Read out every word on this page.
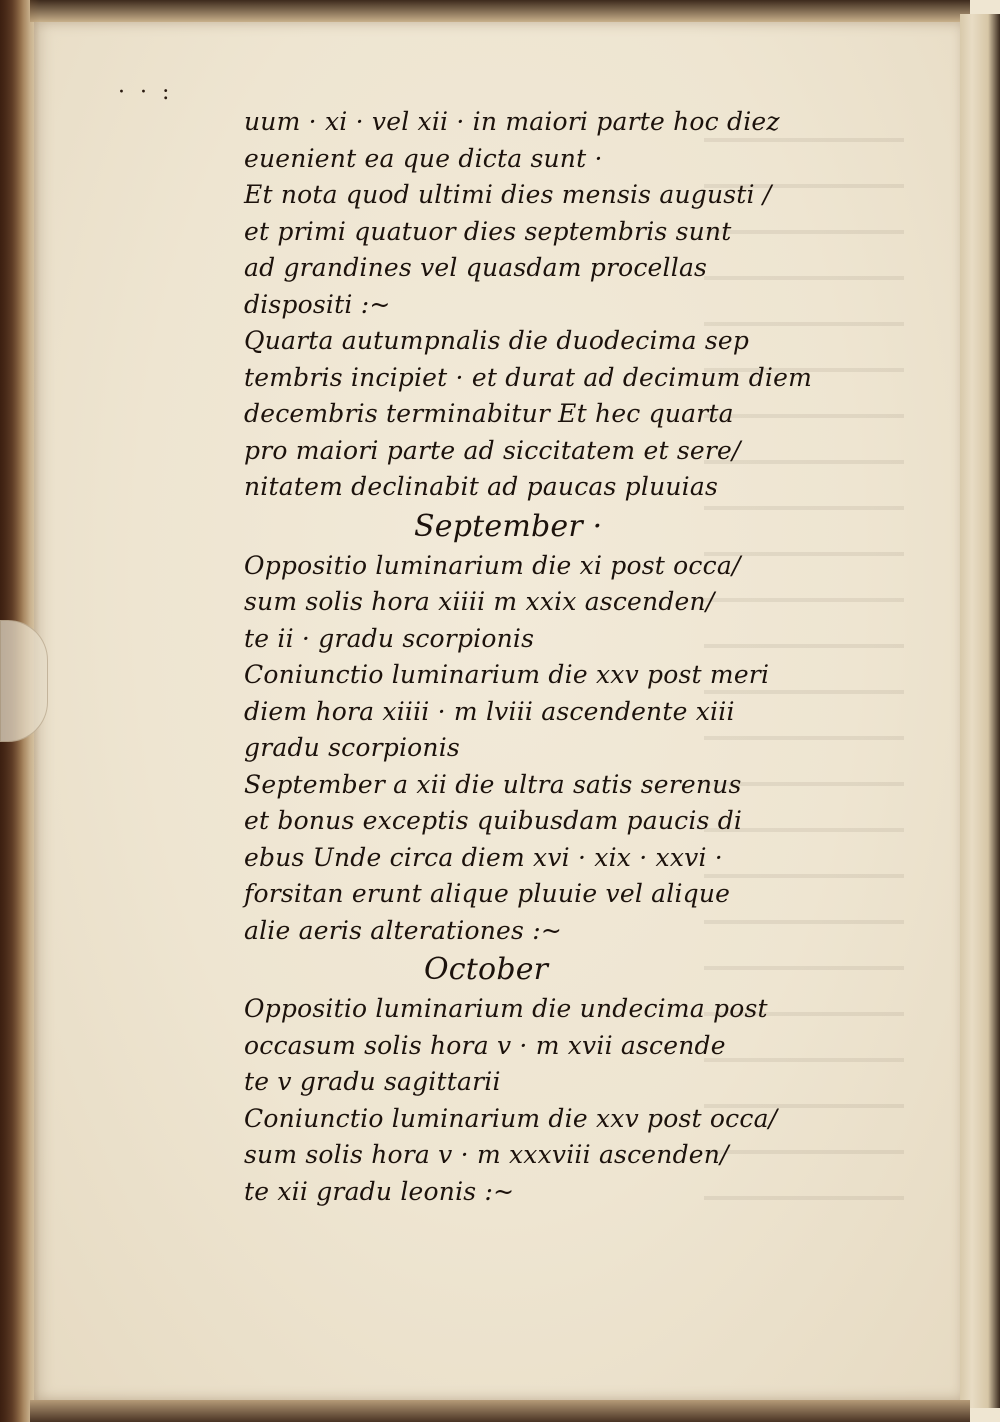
· · :
uum · xi · vel xii · in maiori parte hoc diez
euenient ea que dicta sunt ·
Et nota quod ultimi dies mensis augusti /
et primi quatuor dies septembris sunt
ad grandines vel quasdam procellas
dispositi :~
Quarta autumpnalis die duodecima sep
tembris incipiet · et durat ad decimum diem
decembris terminabitur Et hec quarta
pro maiori parte ad siccitatem et sere/
nitatem declinabit ad paucas pluuias
September ·
Oppositio luminarium die xi post occa/
sum solis hora xiiii m xxix ascenden/
te ii · gradu scorpionis
Coniunctio luminarium die xxv post meri
diem hora xiiii · m lviii ascendente xiii
gradu scorpionis
September a xii die ultra satis serenus
et bonus exceptis quibusdam paucis di
ebus Unde circa diem xvi · xix · xxvi ·
forsitan erunt alique pluuie vel alique
alie aeris alterationes :~
October
Oppositio luminarium die undecima post
occasum solis hora v · m xvii ascende
te v gradu sagittarii
Coniunctio luminarium die xxv post occa/
sum solis hora v · m xxxviii ascenden/
te xii gradu leonis :~
